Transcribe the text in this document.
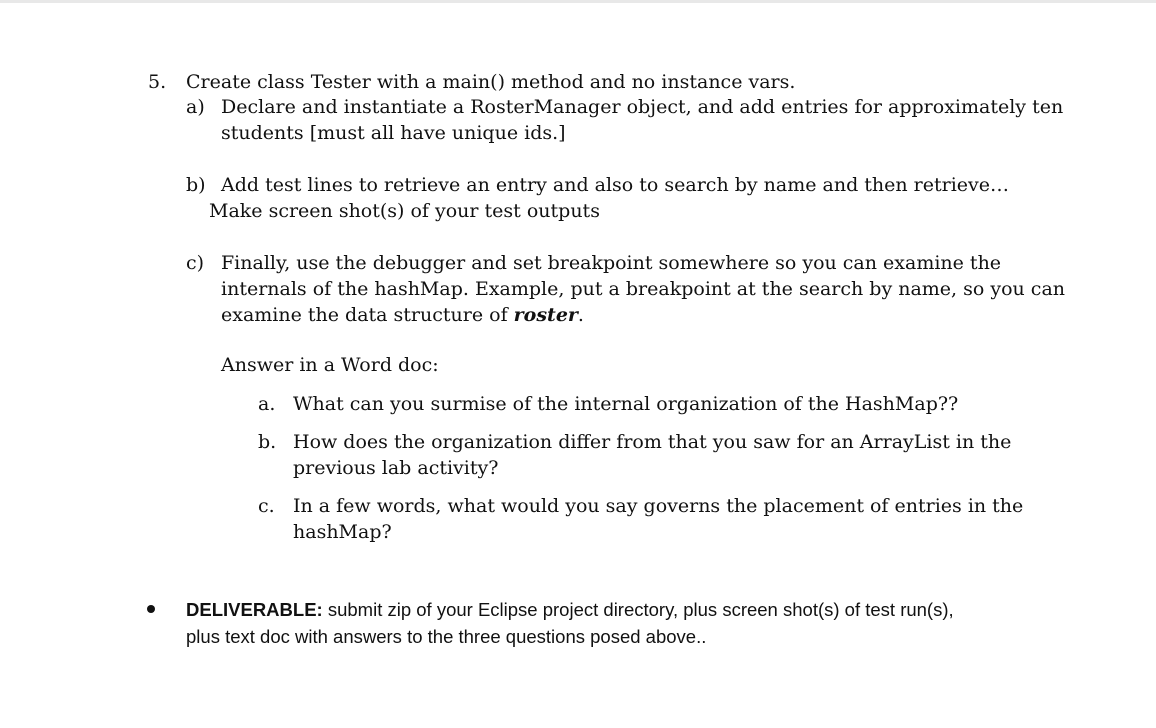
5. Create class Tester with a main() method and no instance vars.
a) Declare and instantiate a RosterManager object, and add entries for approximately ten
students [must all have unique ids.]
b) Add test lines to retrieve an entry and also to search by name and then retrieve…
Make screen shot(s) of your test outputs
c) Finally, use the debugger and set breakpoint somewhere so you can examine the
internals of the hashMap. Example, put a breakpoint at the search by name, so you can
examine the data structure of roster.
Answer in a Word doc:
a. What can you surmise of the internal organization of the HashMap??
b. How does the organization differ from that you saw for an ArrayList in the
previous lab activity?
c. In a few words, what would you say governs the placement of entries in the
hashMap?
DELIVERABLE: submit zip of your Eclipse project directory, plus screen shot(s) of test run(s),
plus text doc with answers to the three questions posed above..
